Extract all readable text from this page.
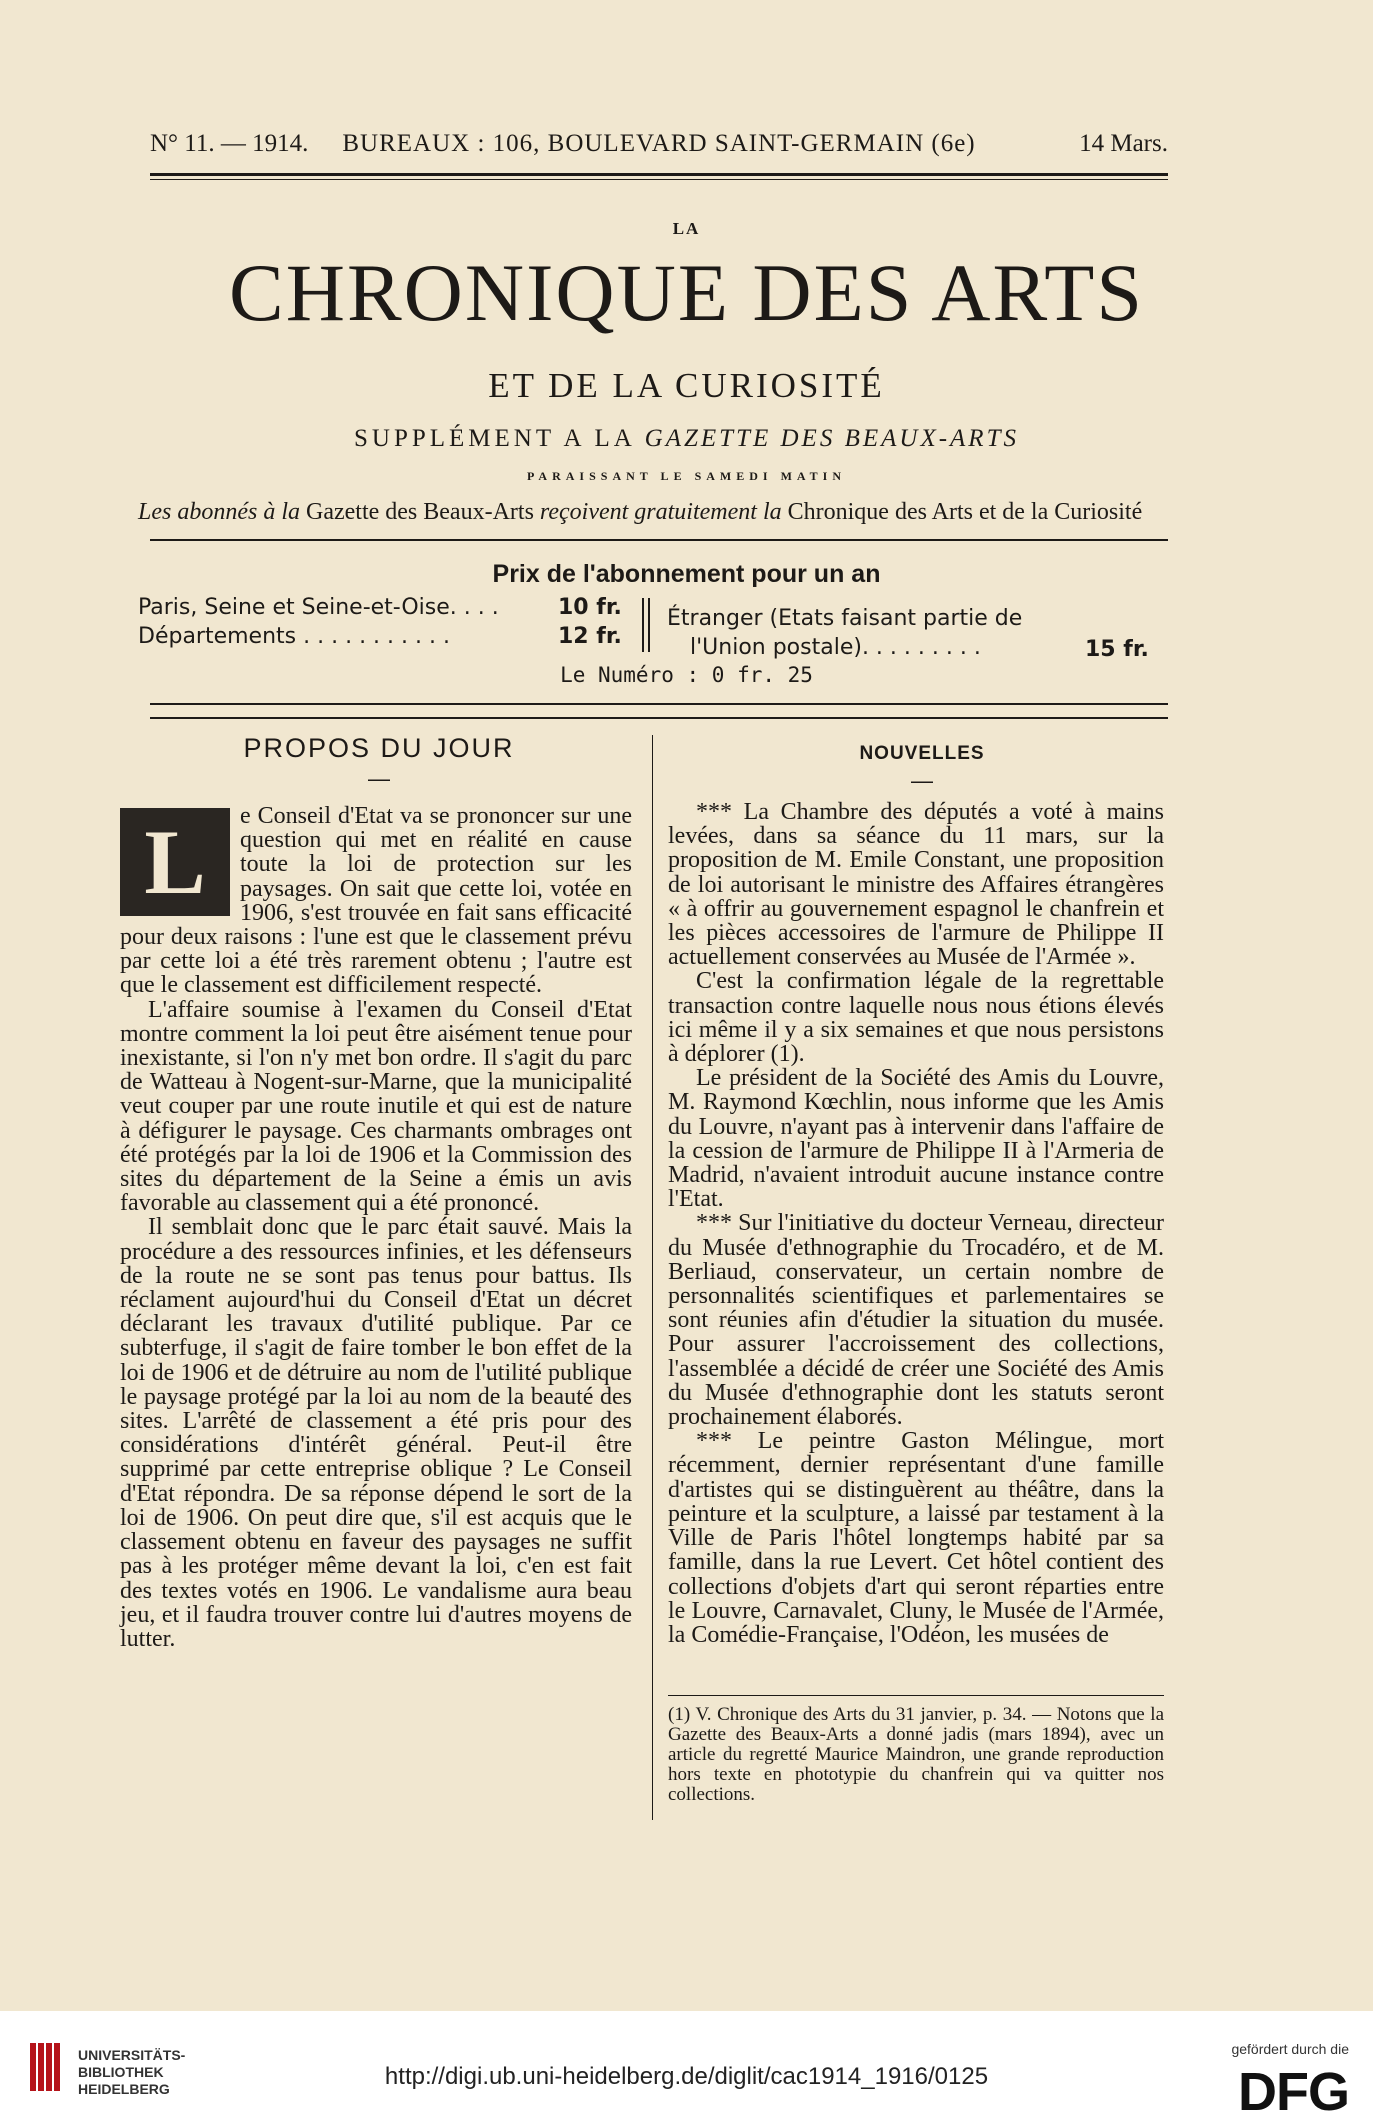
N° 11. — 1914.	BUREAUX : 106, BOULEVARD SAINT-GERMAIN (6e)	14 Mars.
LA
CHRONIQUE DES ARTS
ET DE LA CURIOSITÉ
SUPPLÉMENT A LA GAZETTE DES BEAUX-ARTS
PARAISSANT LE SAMEDI MATIN
Les abonnés à la Gazette des Beaux-Arts reçoivent gratuitement la Chronique des Arts et de la Curiosité
Prix de l'abonnement pour un an
Paris, Seine et Seine-et-Oise. . . .	10 fr.
Départements . . . . . . . . . . .	12 fr.
Étranger (Etats faisant partie de
l'Union postale). . . . . . . . .	15 fr.
Le Numéro : 0 fr. 25
PROPOS DU JOUR
—

L	e Conseil d'Etat va se prononcer sur une question qui met en réalité en cause toute la loi de protection sur les paysages. On sait que cette loi, votée en 1906, s'est trouvée en fait sans efficacité pour deux raisons : l'une est que le classement prévu par cette loi a été très rarement obtenu ; l'autre est que le classement est difficilement respecté.

L'affaire soumise à l'examen du Conseil d'Etat montre comment la loi peut être aisément tenue pour inexistante, si l'on n'y met bon ordre. Il s'agit du parc de Watteau à Nogent-sur-Marne, que la municipalité veut couper par une route inutile et qui est de nature à défigurer le paysage. Ces charmants ombrages ont été protégés par la loi de 1906 et la Commission des sites du département de la Seine a émis un avis favorable au classement qui a été prononcé.

Il semblait donc que le parc était sauvé. Mais la procédure a des ressources infinies, et les défenseurs de la route ne se sont pas tenus pour battus. Ils réclament aujourd'hui du Conseil d'Etat un décret déclarant les travaux d'utilité publique. Par ce subterfuge, il s'agit de faire tomber le bon effet de la loi de 1906 et de détruire au nom de l'utilité publique le paysage protégé par la loi au nom de la beauté des sites. L'arrêté de classement a été pris pour des considérations d'intérêt général. Peut-il être supprimé par cette entreprise oblique ? Le Conseil d'Etat répondra. De sa réponse dépend le sort de la loi de 1906. On peut dire que, s'il est acquis que le classement obtenu en faveur des paysages ne suffit pas à les protéger même devant la loi, c'en est fait des textes votés en 1906. Le vandalisme aura beau jeu, et il faudra trouver contre lui d'autres moyens de lutter.

NOUVELLES
—

*** La Chambre des députés a voté à mains levées, dans sa séance du 11 mars, sur la proposition de M. Emile Constant, une proposition de loi autorisant le ministre des Affaires étrangères « à offrir au gouvernement espagnol le chanfrein et les pièces accessoires de l'armure de Philippe II actuellement conservées au Musée de l'Armée ».

C'est la confirmation légale de la regrettable transaction contre laquelle nous nous étions élevés ici même il y a six semaines et que nous persistons à déplorer (1).

Le président de la Société des Amis du Louvre, M. Raymond Kœchlin, nous informe que les Amis du Louvre, n'ayant pas à intervenir dans l'affaire de la cession de l'armure de Philippe II à l'Armeria de Madrid, n'avaient introduit aucune instance contre l'Etat.

*** Sur l'initiative du docteur Verneau, directeur du Musée d'ethnographie du Trocadéro, et de M. Berliaud, conservateur, un certain nombre de personnalités scientifiques et parlementaires se sont réunies afin d'étudier la situation du musée. Pour assurer l'accroissement des collections, l'assemblée a décidé de créer une Société des Amis du Musée d'ethnographie dont les statuts seront prochainement élaborés.

*** Le peintre Gaston Mélingue, mort récemment, dernier représentant d'une famille d'artistes qui se distinguèrent au théâtre, dans la peinture et la sculpture, a laissé par testament à la Ville de Paris l'hôtel longtemps habité par sa famille, dans la rue Levert. Cet hôtel contient des collections d'objets d'art qui seront réparties entre le Louvre, Carnavalet, Cluny, le Musée de l'Armée, la Comédie-Française, l'Odéon, les musées de

(1) V. Chronique des Arts du 31 janvier, p. 34. — Notons que la Gazette des Beaux-Arts a donné jadis (mars 1894), avec un article du regretté Maurice Maindron, une grande reproduction hors texte en phototypie du chanfrein qui va quitter nos collections.
UNIVERSITÄTS-
BIBLIOTHEK
HEIDELBERG	http://digi.ub.uni-heidelberg.de/diglit/cac1914_1916/0125
gefördert durch die
DFG
